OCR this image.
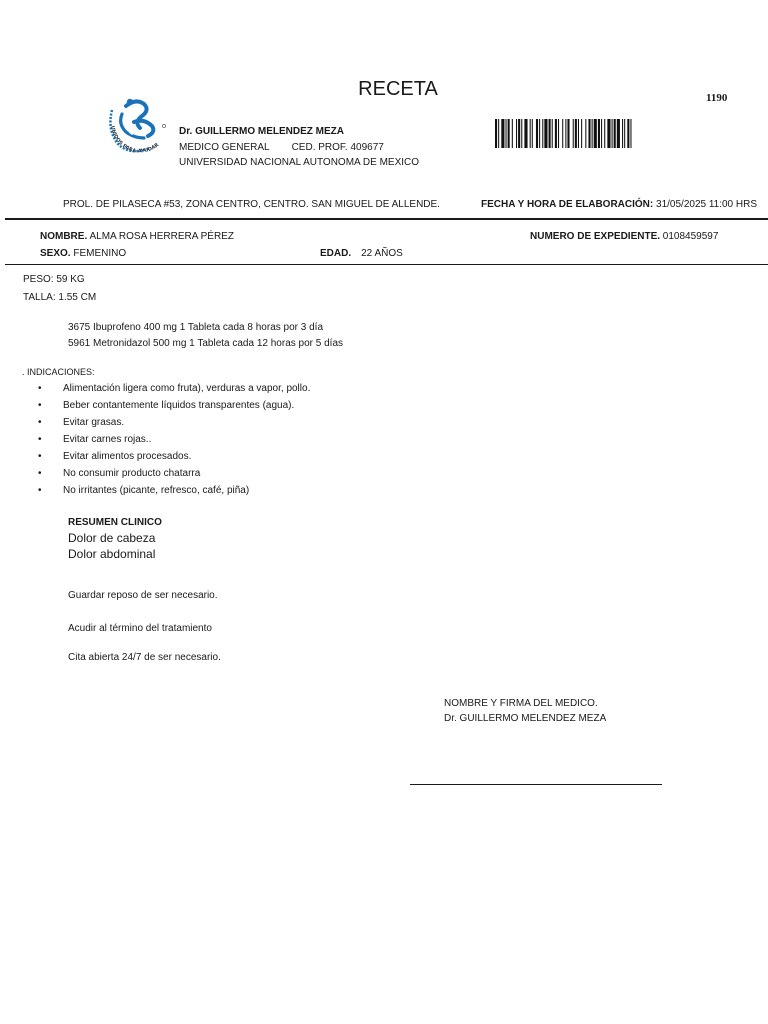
RECETA	1190
UNIDOS PARA AYUDAR
Dr. GUILLERMO MELENDEZ MEZA
MEDICO GENERAL CED. PROF. 409677
UNIVERSIDAD NACIONAL AUTONOMA DE MEXICO
PROL. DE PILASECA #53, ZONA CENTRO, CENTRO. SAN MIGUEL DE ALLENDE.	FECHA Y HORA DE ELABORACIÓN: 31/05/2025 11:00 HRS
NOMBRE. ALMA ROSA HERRERA PÉREZ
SEXO. FEMENINO	EDAD. 22 AÑOS
NUMERO DE EXPEDIENTE. 0108459597
PESO: 59 KG
TALLA: 1.55 CM
3675 Ibuprofeno 400 mg 1 Tableta cada 8 horas por 3 día
5961 Metronidazol 500 mg 1 Tableta cada 12 horas por 5 días
. INDICACIONES:
• Alimentación ligera como fruta), verduras a vapor, pollo.
• Beber contantemente líquidos transparentes (agua).
• Evitar grasas.
• Evitar carnes rojas..
• Evitar alimentos procesados.
• No consumir producto chatarra
• No irritantes (picante, refresco, café, piña)
RESUMEN CLINICO
Dolor de cabeza
Dolor abdominal
Guardar reposo de ser necesario.
Acudir al término del tratamiento
Cita abierta 24/7 de ser necesario.
NOMBRE Y FIRMA DEL MEDICO.
Dr. GUILLERMO MELENDEZ MEZA
